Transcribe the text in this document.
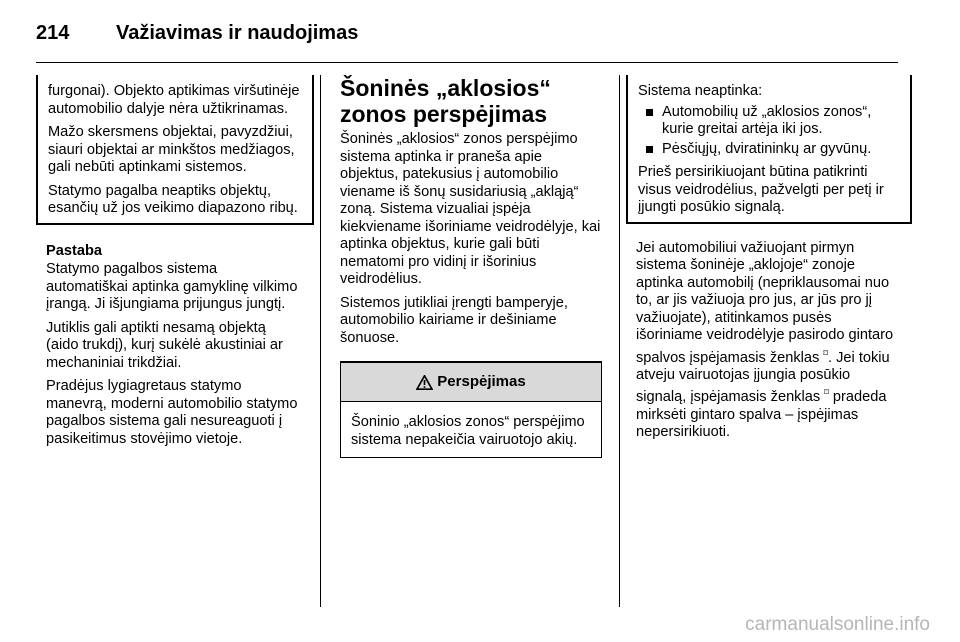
214 Važiavimas ir naudojimas

furgonai). Objekto aptikimas viršutinėje automobilio dalyje nėra užtikrinamas.

Mažo skersmens objektai, pavyzdžiui, siauri objektai ar minkštos medžiagos, gali nebūti aptinkami sistemos.

Statymo pagalba neaptiks objektų, esančių už jos veikimo diapazono ribų.

Pastaba

Statymo pagalbos sistema automatiškai aptinka gamyklinę vilkimo įrangą. Ji išjungiama prijungus jungtį.

Jutiklis gali aptikti nesamą objektą (aido trukdį), kurį sukėlė akustiniai ar mechaniniai trikdžiai.

Pradėjus lygiagretaus statymo manevrą, moderni automobilio statymo pagalbos sistema gali nesureaguoti į pasikeitimus stovėjimo vietoje.

Šoninės „aklosios“ zonos perspėjimas

Šoninės „aklosios“ zonos perspėjimo sistema aptinka ir praneša apie objektus, patekusius į automobilio viename iš šonų susidariusią „akląją“ zoną. Sistema vizualiai įspėja kiekviename išoriniame veidrodėlyje, kai aptinka objektus, kurie gali būti nematomi pro vidinį ir išorinius veidrodėlius.

Sistemos jutikliai įrengti bamperyje, automobilio kairiame ir dešiniame šonuose.

Perspėjimas
Šoninio „aklosios zonos“ perspėjimo sistema nepakeičia vairuotojo akių.

Sistema neaptinka:

Automobilių už „aklosios zonos“, kurie greitai artėja iki jos.
Pėsčiųjų, dviratininkų ar gyvūnų.

Prieš persirikiuojant būtina patikrinti visus veidrodėlius, pažvelgti per petį ir įjungti posūkio signalą.

Jei automobiliui važiuojant pirmyn sistema šoninėje „aklojoje“ zonoje aptinka automobilį (nepriklausomai nuo to, ar jis važiuoja pro jus, ar jūs pro jį važiuojate), atitinkamos pusės išoriniame veidrodėlyje pasirodo gintaro spalvos įspėjamasis ženklas ⌑. Jei tokiu atveju vairuotojas įjungia posūkio signalą, įspėjamasis ženklas ⌑ pradeda mirksėti gintaro spalva – įspėjimas nepersirikiuoti.

carmanualsonline.info
